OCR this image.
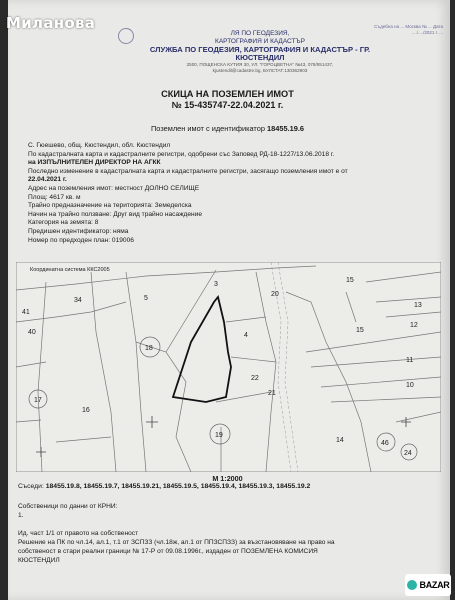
Миланова	Съдебна на ... Москва № ... Дата ..../..../2021 г. ...
ЛЯ ПО ГЕОДЕЗИЯ,
КАРТОГРАФИЯ И КАДАСТЪР
СЛУЖБА ПО ГЕОДЕЗИЯ, КАРТОГРАФИЯ И КАДАСТЪР - ГР. КЮСТЕНДИЛ
2500, ПОЩЕНСКА КУТИЯ 30, УЛ. "ГОРОЦВЕТНА" №43, 078/551437,
kjustendil@cadastre.bg, БУЛСТАТ:130362903
СКИЦА НА ПОЗЕМЛЕН ИМОТ
№ 15-435747-22.04.2021 г.
Поземлен имот с идентификатор 18455.19.6
С. Гюешево, общ. Кюстендил, обл. Кюстендил
По кадастралната карта и кадастралните регистри, одобрени със Заповед РД-18-1227/13.06.2018 г.
на ИЗПЪЛНИТЕЛЕН ДИРЕКТОР НА АГКК
Последно изменение в кадастралната карта и кадастралните регистри, засягащо поземления имот е от
22.04.2021 г.
Адрес на поземления имот: местност ДОЛНО СЕЛИЩЕ
Площ: 4617 кв. м
Трайно предназначение на територията: Земеделска
Начин на трайно ползване: Друг вид трайно насаждение
Категория на земята: 8
Предишен идентификатор: няма
Номер по предходен план: 019006
Координатна система ККС2005
34	5
20
41
40
3
18
17
16
19
21
22
4
13
12
11
10
46
24
15
14
15
М 1:2000
Съседи: 18455.19.8, 18455.19.7, 18455.19.21, 18455.19.5, 18455.19.4, 18455.19.3, 18455.19.2
Собственици по данни от КРНИ:
1.
Ид. част 1/1 от правото на собственост
Решение на ПК по чл.14, ал.1, т.1 от ЗСПЗЗ (чл.18ж, ал.1 от ППЗСПЗЗ) за възстановяване на право на
собственост в стари реални граници № 17-Р от 09.08.1996г., издаден от ПОЗЕМЛЕНА КОМИСИЯ
КЮСТЕНДИЛ
BAZAR
